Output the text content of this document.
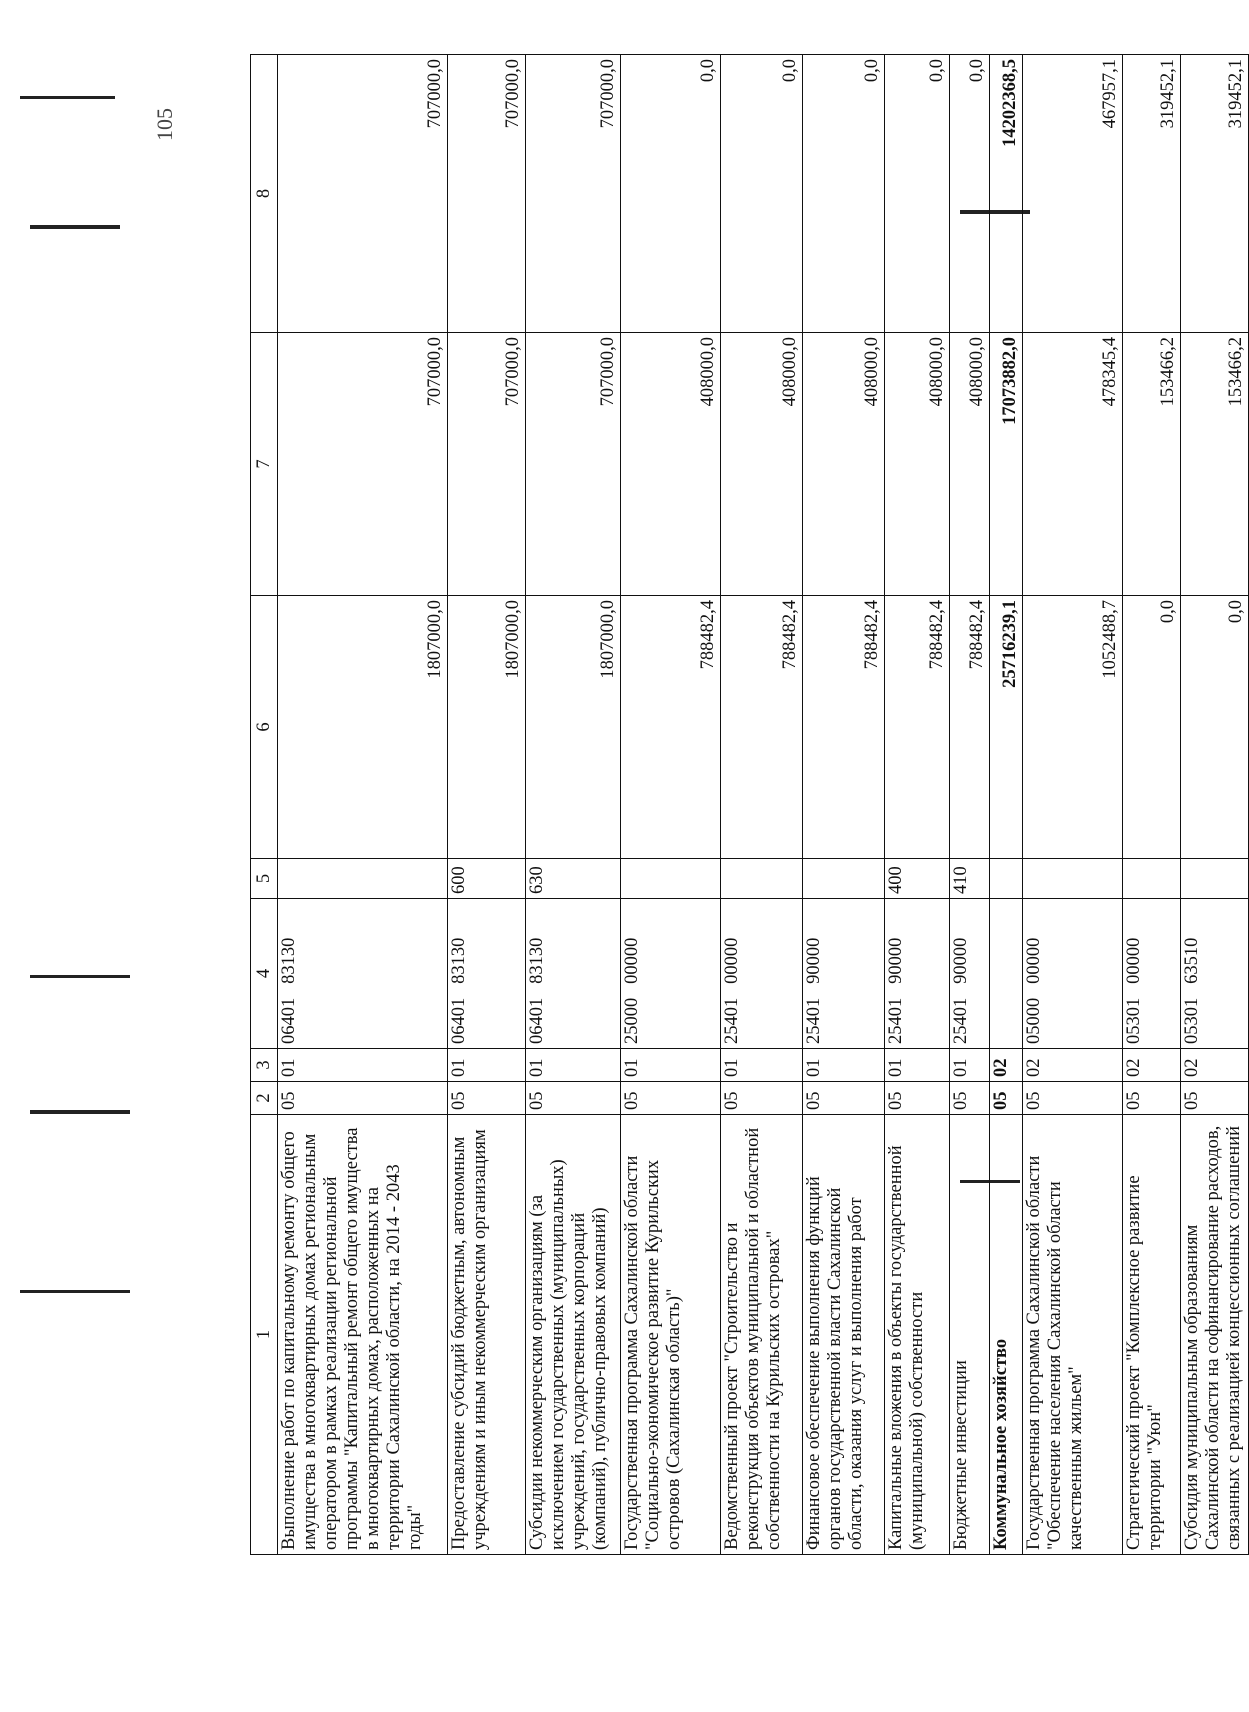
105
1	2	3	4	5	6	7	8
Выполнение работ по капитальному ремонту общего имущества в многоквартирных домах региональным оператором в рамках реализации региональной программы "Капитальный ремонт общего имущества в многоквартирных домах, расположенных на территории Сахалинской области, на 2014 - 2043 годы"	05	01	06401   83130		1807000,0	707000,0	707000,0
Предоставление субсидий бюджетным, автономным учреждениям и иным некоммерческим организациям	05	01	06401   83130	600	1807000,0	707000,0	707000,0
Субсидии некоммерческим организациям (за исключением государственных (муниципальных) учреждений, государственных корпораций (компаний), публично-правовых компаний)	05	01	06401   83130	630	1807000,0	707000,0	707000,0
Государственная программа Сахалинской области "Социально-экономическое развитие Курильских островов (Сахалинская область)"	05	01	25000   00000		788482,4	408000,0	0,0
Ведомственный проект "Строительство и реконструкция объектов муниципальной и областной собственности на Курильских островах"	05	01	25401   00000		788482,4	408000,0	0,0
Финансовое обеспечение выполнения функций органов государственной власти Сахалинской области, оказания услуг и выполнения работ	05	01	25401   90000		788482,4	408000,0	0,0
Капитальные вложения в объекты государственной (муниципальной) собственности	05	01	25401   90000	400	788482,4	408000,0	0,0
Бюджетные инвестиции	05	01	25401   90000	410	788482,4	408000,0	0,0
Коммунальное хозяйство	05	02			25716239,1	17073882,0	14202368,5
Государственная программа Сахалинской области "Обеспечение населения Сахалинской области качественным жильем"	05	02	05000   00000		1052488,7	478345,4	467957,1
Стратегический проект "Комплексное развитие территории "Уюн"	05	02	05301   00000		0,0	153466,2	319452,1
Субсидия муниципальным образованиям Сахалинской области на софинансирование расходов, связанных с реализацией концессионных соглашений	05	02	05301   63510		0,0	153466,2	319452,1
